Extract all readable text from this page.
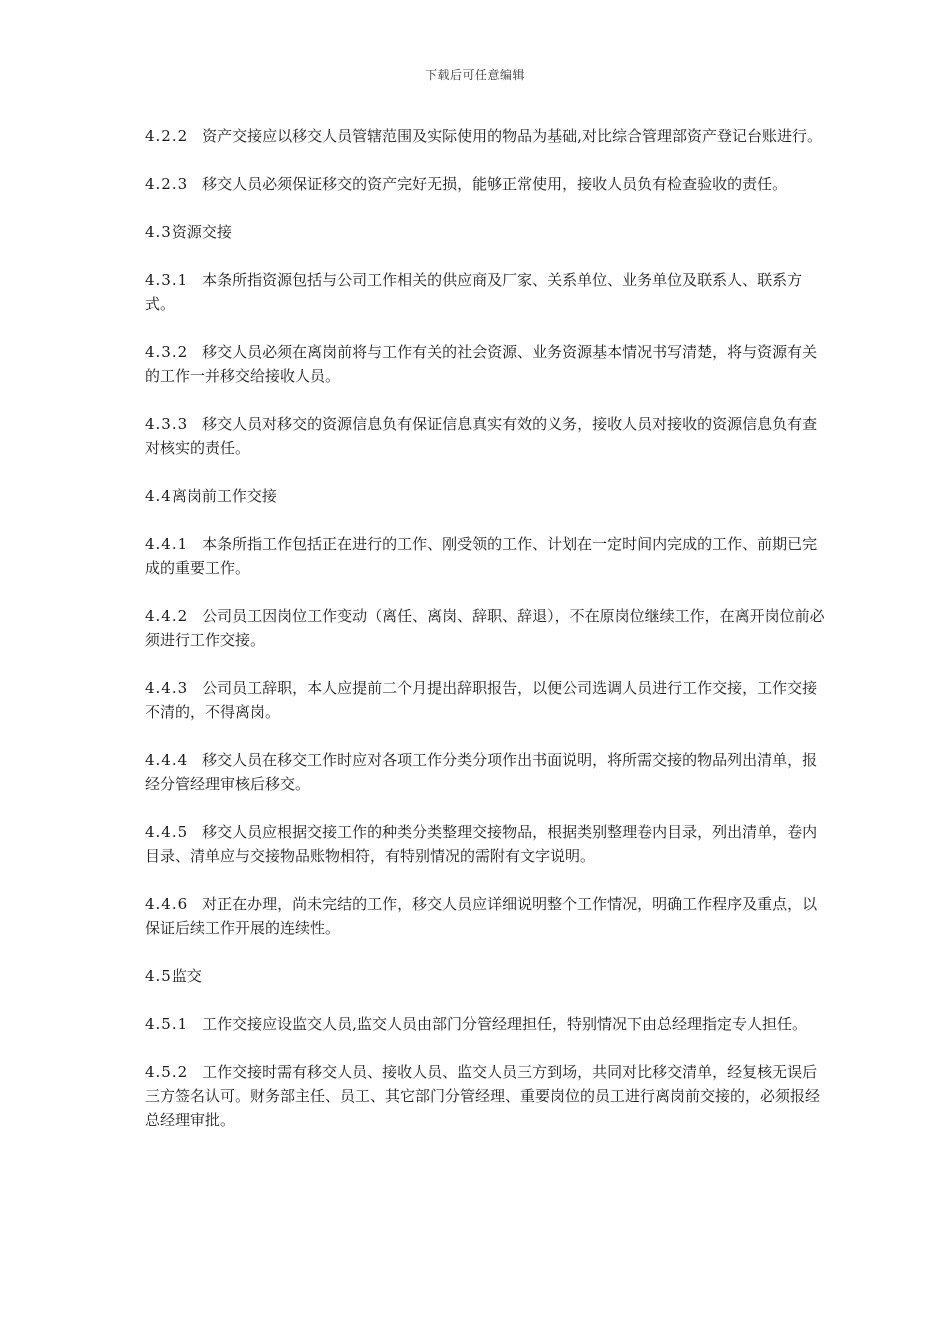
下载后可任意编辑

4.2.2 资产交接应以移交人员管辖范围及实际使用的物品为基础,对比综合管理部资产登记台账进行。

4.2.3 移交人员必须保证移交的资产完好无损，能够正常使用，接收人员负有检查验收的责任。

4.3资源交接

4.3.1 本条所指资源包括与公司工作相关的供应商及厂家、关系单位、业务单位及联系人、联系方式。

4.3.2 移交人员必须在离岗前将与工作有关的社会资源、业务资源基本情况书写清楚，将与资源有关的工作一并移交给接收人员。

4.3.3 移交人员对移交的资源信息负有保证信息真实有效的义务，接收人员对接收的资源信息负有查对核实的责任。

4.4离岗前工作交接

4.4.1 本条所指工作包括正在进行的工作、刚受领的工作、计划在一定时间内完成的工作、前期已完成的重要工作。

4.4.2 公司员工因岗位工作变动（离任、离岗、辞职、辞退），不在原岗位继续工作，在离开岗位前必须进行工作交接。

4.4.3 公司员工辞职，本人应提前二个月提出辞职报告，以便公司选调人员进行工作交接，工作交接不清的，不得离岗。

4.4.4 移交人员在移交工作时应对各项工作分类分项作出书面说明，将所需交接的物品列出清单，报经分管经理审核后移交。

4.4.5 移交人员应根据交接工作的种类分类整理交接物品，根据类别整理卷内目录，列出清单，卷内目录、清单应与交接物品账物相符，有特别情况的需附有文字说明。

4.4.6 对正在办理，尚未完结的工作，移交人员应详细说明整个工作情况，明确工作程序及重点，以保证后续工作开展的连续性。

4.5监交

4.5.1 工作交接应设监交人员,监交人员由部门分管经理担任，特别情况下由总经理指定专人担任。

4.5.2 工作交接时需有移交人员、接收人员、监交人员三方到场，共同对比移交清单，经复核无误后三方签名认可。财务部主任、员工、其它部门分管经理、重要岗位的员工进行离岗前交接的，必须报经总经理审批。
